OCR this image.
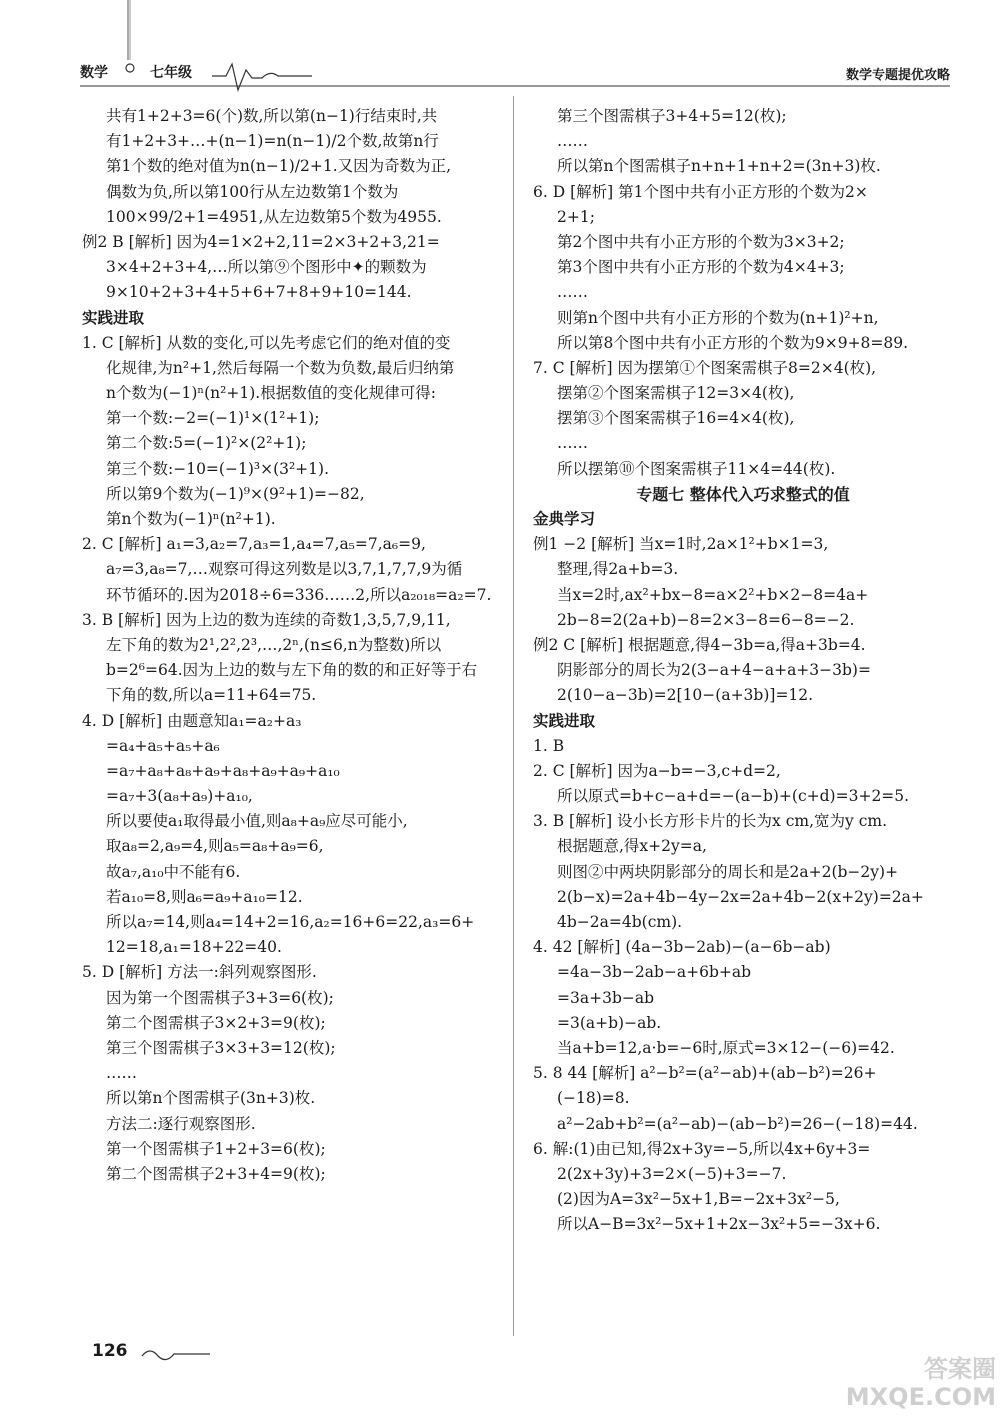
数学	七年级	数学专题提优攻略
共有1+2+3=6(个)数,所以第(n−1)行结束时,共
有1+2+3+…+(n−1)=n(n−1)/2个数,故第n行
第1个数的绝对值为n(n−1)/2+1.又因为奇数为正,
偶数为负,所以第100行从左边数第1个数为
100×99/2+1=4951,从左边数第5个数为4955.
例2 B [解析] 因为4=1×2+2,11=2×3+2+3,21=
3×4+2+3+4,…所以第⑨个图形中✦的颗数为
9×10+2+3+4+5+6+7+8+9+10=144.
实践进取
1. C [解析] 从数的变化,可以先考虑它们的绝对值的变
化规律,为n²+1,然后每隔一个数为负数,最后归纳第
n个数为(−1)ⁿ(n²+1).根据数值的变化规律可得:
第一个数:−2=(−1)¹×(1²+1);
第二个数:5=(−1)²×(2²+1);
第三个数:−10=(−1)³×(3²+1).
所以第9个数为(−1)⁹×(9²+1)=−82,
第n个数为(−1)ⁿ(n²+1).
2. C [解析] a₁=3,a₂=7,a₃=1,a₄=7,a₅=7,a₆=9,
a₇=3,a₈=7,…观察可得这列数是以3,7,1,7,7,9为循
环节循环的.因为2018÷6=336……2,所以a₂₀₁₈=a₂=7.
3. B [解析] 因为上边的数为连续的奇数1,3,5,7,9,11,
左下角的数为2¹,2²,2³,…,2ⁿ,(n≤6,n为整数)所以
b=2⁶=64.因为上边的数与左下角的数的和正好等于右
下角的数,所以a=11+64=75.
4. D [解析] 由题意知a₁=a₂+a₃
=a₄+a₅+a₅+a₆
=a₇+a₈+a₈+a₉+a₈+a₉+a₉+a₁₀
=a₇+3(a₈+a₉)+a₁₀,
所以要使a₁取得最小值,则a₈+a₉应尽可能小,
取a₈=2,a₉=4,则a₅=a₈+a₉=6,
故a₇,a₁₀中不能有6.
若a₁₀=8,则a₆=a₉+a₁₀=12.
所以a₇=14,则a₄=14+2=16,a₂=16+6=22,a₃=6+
12=18,a₁=18+22=40.
5. D [解析] 方法一:斜列观察图形.
因为第一个图需棋子3+3=6(枚);
第二个图需棋子3×2+3=9(枚);
第三个图需棋子3×3+3=12(枚);
……
所以第n个图需棋子(3n+3)枚.
方法二:逐行观察图形.
第一个图需棋子1+2+3=6(枚);
第二个图需棋子2+3+4=9(枚);
第三个图需棋子3+4+5=12(枚);
……
所以第n个图需棋子n+n+1+n+2=(3n+3)枚.
6. D [解析] 第1个图中共有小正方形的个数为2×
2+1;
第2个图中共有小正方形的个数为3×3+2;
第3个图中共有小正方形的个数为4×4+3;
……
则第n个图中共有小正方形的个数为(n+1)²+n,
所以第8个图中共有小正方形的个数为9×9+8=89.
7. C [解析] 因为摆第①个图案需棋子8=2×4(枚),
摆第②个图案需棋子12=3×4(枚),
摆第③个图案需棋子16=4×4(枚),
……
所以摆第⑩个图案需棋子11×4=44(枚).
专题七 整体代入巧求整式的值
金典学习
例1 −2 [解析] 当x=1时,2a×1²+b×1=3,
整理,得2a+b=3.
当x=2时,ax²+bx−8=a×2²+b×2−8=4a+
2b−8=2(2a+b)−8=2×3−8=6−8=−2.
例2 C [解析] 根据题意,得4−3b=a,得a+3b=4.
阴影部分的周长为2(3−a+4−a+a+3−3b)=
2(10−a−3b)=2[10−(a+3b)]=12.
实践进取
1. B
2. C [解析] 因为a−b=−3,c+d=2,
所以原式=b+c−a+d=−(a−b)+(c+d)=3+2=5.
3. B [解析] 设小长方形卡片的长为x cm,宽为y cm.
根据题意,得x+2y=a,
则图②中两块阴影部分的周长和是2a+2(b−2y)+
2(b−x)=2a+4b−4y−2x=2a+4b−2(x+2y)=2a+
4b−2a=4b(cm).
4. 42 [解析] (4a−3b−2ab)−(a−6b−ab)
=4a−3b−2ab−a+6b+ab
=3a+3b−ab
=3(a+b)−ab.
当a+b=12,a·b=−6时,原式=3×12−(−6)=42.
5. 8 44 [解析] a²−b²=(a²−ab)+(ab−b²)=26+
(−18)=8.
a²−2ab+b²=(a²−ab)−(ab−b²)=26−(−18)=44.
6. 解:(1)由已知,得2x+3y=−5,所以4x+6y+3=
2(2x+3y)+3=2×(−5)+3=−7.
(2)因为A=3x²−5x+1,B=−2x+3x²−5,
所以A−B=3x²−5x+1+2x−3x²+5=−3x+6.
126
答案圈
MXQE.COM
